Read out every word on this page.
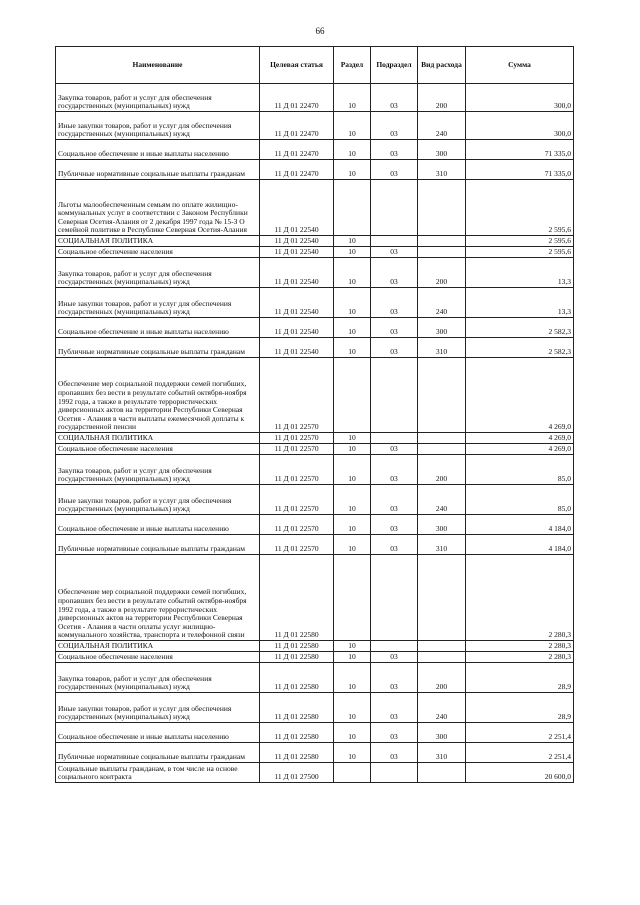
66
Наименование	Целевая статья	Раздел	Подраздел	Вид расхода	Сумма
Закупка товаров, работ и услуг для обеспечения государственных (муниципальных) нужд	11 Д 01 22470	10	03	200	300,0
Иные закупки товаров, работ и услуг для обеспечения государственных (муниципальных) нужд	11 Д 01 22470	10	03	240	300,0
Социальное обеспечение и иные выплаты населению	11 Д 01 22470	10	03	300	71 335,0
Публичные нормативные социальные выплаты гражданам	11 Д 01 22470	10	03	310	71 335,0
Льготы малообеспеченным семьям по оплате жилищно-коммунальных услуг в соответствии с Законом Республики Северная Осетия-Алания от 2 декабря 1997 года № 15-З О семейной политике в Республике Северная Осетия-Алания	11 Д 01 22540				2 595,6
СОЦИАЛЬНАЯ ПОЛИТИКА	11 Д 01 22540	10			2 595,6
Социальное обеспечение населения	11 Д 01 22540	10	03		2 595,6
Закупка товаров, работ и услуг для обеспечения государственных (муниципальных) нужд	11 Д 01 22540	10	03	200	13,3
Иные закупки товаров, работ и услуг для обеспечения государственных (муниципальных) нужд	11 Д 01 22540	10	03	240	13,3
Социальное обеспечение и иные выплаты населению	11 Д 01 22540	10	03	300	2 582,3
Публичные нормативные социальные выплаты гражданам	11 Д 01 22540	10	03	310	2 582,3
Обеспечение мер социальной поддержки семей погибших, пропавших без вести в результате событий октября-ноября 1992 года, а также в результате террористических диверсионных актов на территории Республики Северная Осетия - Алания в части выплаты ежемесячной доплаты к государственной пенсии	11 Д 01 22570				4 269,0
СОЦИАЛЬНАЯ ПОЛИТИКА	11 Д 01 22570	10			4 269,0
Социальное обеспечение населения	11 Д 01 22570	10	03		4 269,0
Закупка товаров, работ и услуг для обеспечения государственных (муниципальных) нужд	11 Д 01 22570	10	03	200	85,0
Иные закупки товаров, работ и услуг для обеспечения государственных (муниципальных) нужд	11 Д 01 22570	10	03	240	85,0
Социальное обеспечение и иные выплаты населению	11 Д 01 22570	10	03	300	4 184,0
Публичные нормативные социальные выплаты гражданам	11 Д 01 22570	10	03	310	4 184,0
Обеспечение мер социальной поддержки семей погибших, пропавших без вести в результате событий октября-ноября 1992 года, а также в результате террористических диверсионных актов на территории Республики Северная Осетия - Алания в части оплаты услуг жилищно-коммунального хозяйства, транспорта и телефонной связи	11 Д 01 22580				2 280,3
СОЦИАЛЬНАЯ ПОЛИТИКА	11 Д 01 22580	10			2 280,3
Социальное обеспечение населения	11 Д 01 22580	10	03		2 280,3
Закупка товаров, работ и услуг для обеспечения государственных (муниципальных) нужд	11 Д 01 22580	10	03	200	28,9
Иные закупки товаров, работ и услуг для обеспечения государственных (муниципальных) нужд	11 Д 01 22580	10	03	240	28,9
Социальное обеспечение и иные выплаты населению	11 Д 01 22580	10	03	300	2 251,4
Публичные нормативные социальные выплаты гражданам	11 Д 01 22580	10	03	310	2 251,4
Социальные выплаты гражданам, в том числе на основе социального контракта	11 Д 01 27500				20 600,0
